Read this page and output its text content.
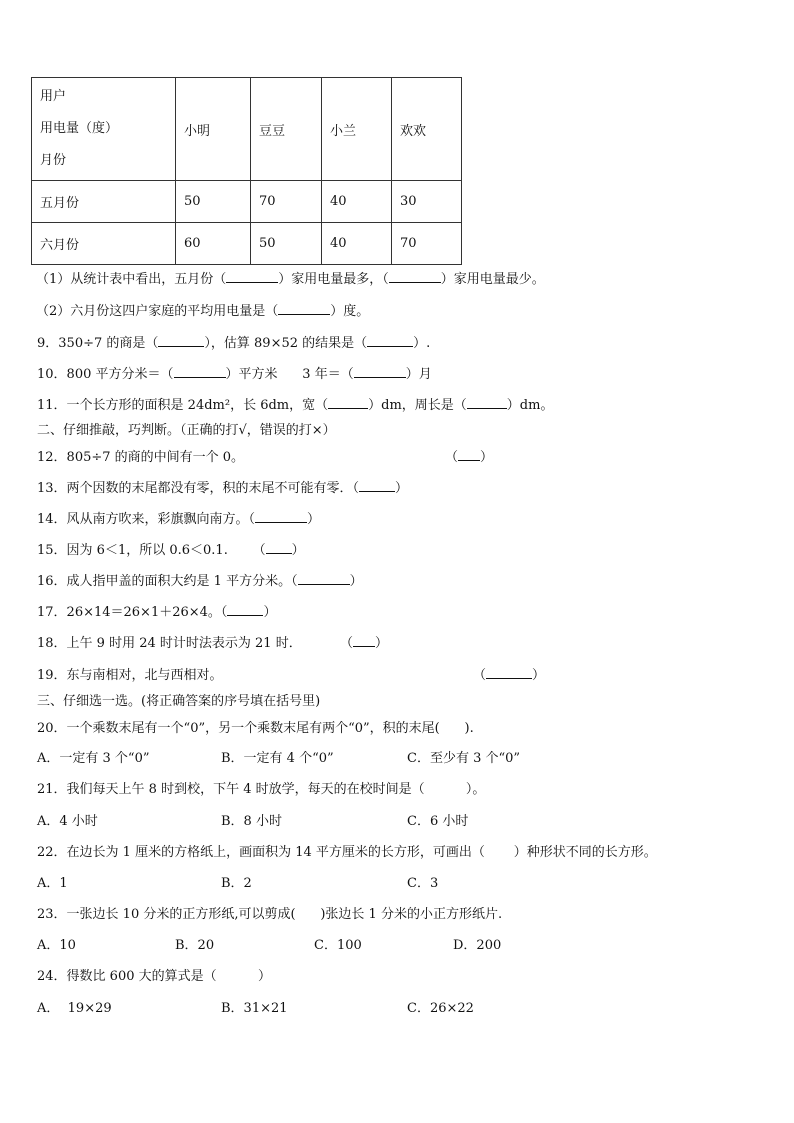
用户
用电量（度）
月份	小明	豆豆	小兰	欢欢
五月份	50	70	40	30
六月份	60	50	40	70
（1）从统计表中看出，五月份（	）家用电量最多，（	）家用电量最少。
（2）六月份这四户家庭的平均用电量是（	）度。
9．350÷7 的商是（	），估算 89×52 的结果是（	）.
10．800 平方分米＝（	）平方米      3 年＝（	）月
11．一个长方形的面积是 24dm²，长 6dm，宽（	）dm，周长是（	）dm。
二、仔细推敲，巧判断。（正确的打√，错误的打×）
12．805÷7 的商的中间有一个 0。	（ ）
13．两个因数的末尾都没有零，积的末尾不可能有零．（	）
14．风从南方吹来，彩旗飘向南方。（	）
15．因为 6＜1，所以 0.6＜0.1.      （ ）
16．成人指甲盖的面积大约是 1 平方分米。（	）
17．26×14＝26×1＋26×4。（	）
18．上午 9 时用 24 时计时法表示为 21 时．	（ ）
19．东与南相对，北与西相对。	（	）
三、仔细选一选。(将正确答案的序号填在括号里)
20．一个乘数末尾有一个“0”，另一个乘数末尾有两个“0”，积的末尾(      ).
A．一定有 3 个“0”	B．一定有 4 个“0”	C．至少有 3 个“0”
21．我们每天上午 8 时到校，下午 4 时放学，每天的在校时间是（          ）。
A．4 小时	B．8 小时	C．6 小时
22．在边长为 1 厘米的方格纸上，画面积为 14 平方厘米的长方形，可画出（       ）种形状不同的长方形。
A．1	B．2	C．3
23．一张边长 10 分米的正方形纸,可以剪成(      )张边长 1 分米的小正方形纸片.
A．10	B．20	C．100	D．200
24．得数比 600 大的算式是（          ）
A．  19×29	B．31×21	C．26×22
